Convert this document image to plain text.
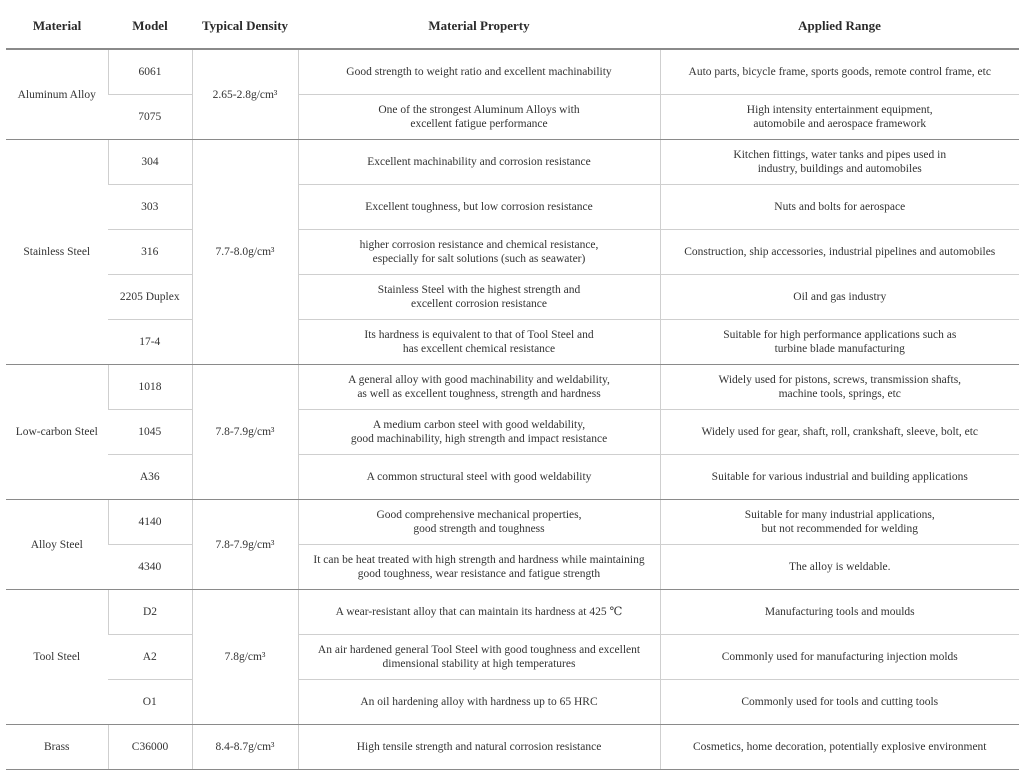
Material	Model	Typical Density	Material Property	Applied Range
Aluminum Alloy	6061	2.65-2.8g/cm³	Good strength to weight ratio and excellent machinability	Auto parts, bicycle frame, sports goods, remote control frame, etc

	7075		One of the strongest Aluminum Alloys with
excellent fatigue performance	High intensity entertainment equipment,
automobile and aerospace framework

Stainless Steel	304	7.7-8.0g/cm³	Excellent machinability and corrosion resistance	Kitchen fittings, water tanks and pipes used in
industry, buildings and automobiles

	303		Excellent toughness, but low corrosion resistance	Nuts and bolts for aerospace

	316		higher corrosion resistance and chemical resistance,
especially for salt solutions (such as seawater)	Construction, ship accessories, industrial pipelines and automobiles

	2205 Duplex		Stainless Steel with the highest strength and
excellent corrosion resistance	Oil and gas industry

	17-4		Its hardness is equivalent to that of Tool Steel and
has excellent chemical resistance	Suitable for high performance applications such as
turbine blade manufacturing

Low-carbon Steel	1018	7.8-7.9g/cm³	A general alloy with good machinability and weldability,
as well as excellent toughness, strength and hardness	Widely used for pistons, screws, transmission shafts,
machine tools, springs, etc

	1045		A medium carbon steel with good weldability,
good machinability, high strength and impact resistance	Widely used for gear, shaft, roll, crankshaft, sleeve, bolt, etc

	A36		A common structural steel with good weldability	Suitable for various industrial and building applications

Alloy Steel	4140	7.8-7.9g/cm³	Good comprehensive mechanical properties,
good strength and toughness	Suitable for many industrial applications,
but not recommended for welding

	4340		It can be heat treated with high strength and hardness while maintaining
good toughness, wear resistance and fatigue strength	The alloy is weldable.

Tool Steel	D2	7.8g/cm³	A wear-resistant alloy that can maintain its hardness at 425 ℃	Manufacturing tools and moulds

	A2		An air hardened general Tool Steel with good toughness and excellent
dimensional stability at high temperatures	Commonly used for manufacturing injection molds

	O1		An oil hardening alloy with hardness up to 65 HRC	Commonly used for tools and cutting tools

Brass	C36000	8.4-8.7g/cm³	High tensile strength and natural corrosion resistance	Cosmetics, home decoration, potentially explosive environment
